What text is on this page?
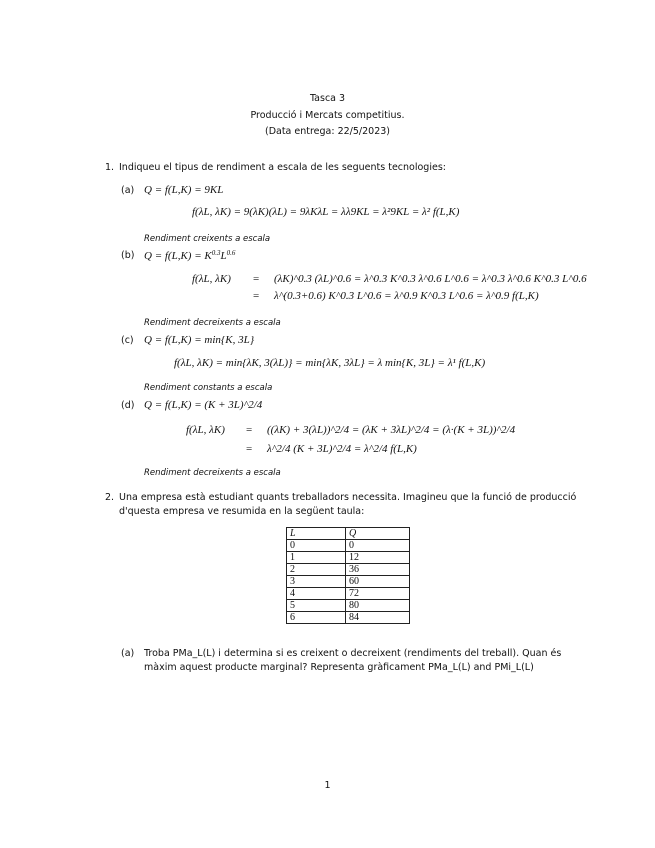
Tasca 3
Producció i Mercats competitius.
(Data entrega: 22/5/2023)
1. Indiqueu el tipus de rendiment a escala de les seguents tecnologies:
(a) Q = f(L,K) = 9KL
f(λL, λK) = 9(λK)(λL) = 9λKλL = λλ9KL = λ²9KL = λ² f(L,K)
Rendiment creixents a escala
(b) $Q = f(L,K) = K^{0.3}L^{0.6}$
f(λL, λK) = (λK)^0.3 (λL)^0.6 = λ^0.3 K^0.3 λ^0.6 L^0.6 = λ^0.3 λ^0.6 K^0.3 L^0.6
= λ^(0.3+0.6) K^0.3 L^0.6 = λ^0.9 K^0.3 L^0.6 = λ^0.9 f(L,K)
Rendiment decreixents a escala
(c) Q = f(L,K) = min{K, 3L}
f(λL, λK) = min{λK, 3(λL)} = min{λK, 3λL} = λ min{K, 3L} = λ¹ f(L,K)
Rendiment constants a escala
(d) Q = f(L,K) = (K + 3L)^2/4
f(λL, λK) = ((λK) + 3(λL))^2/4 = (λK + 3λL)^2/4 = (λ·(K + 3L))^2/4
= λ^2/4 (K + 3L)^2/4 = λ^2/4 f(L,K)
Rendiment decreixents a escala
2. Una empresa està estudiant quants treballadors necessita. Imagineu que la funció de producció
d'questa empresa ve resumida en la següent taula:
L	Q
0	0
1	12
2	36
3	60
4	72
5	80
6	84
(a) Troba PMa_L(L) i determina si es creixent o decreixent (rendiments del treball). Quan és
màxim aquest producte marginal? Representa gràficament PMa_L(L) and PMi_L(L)
1
